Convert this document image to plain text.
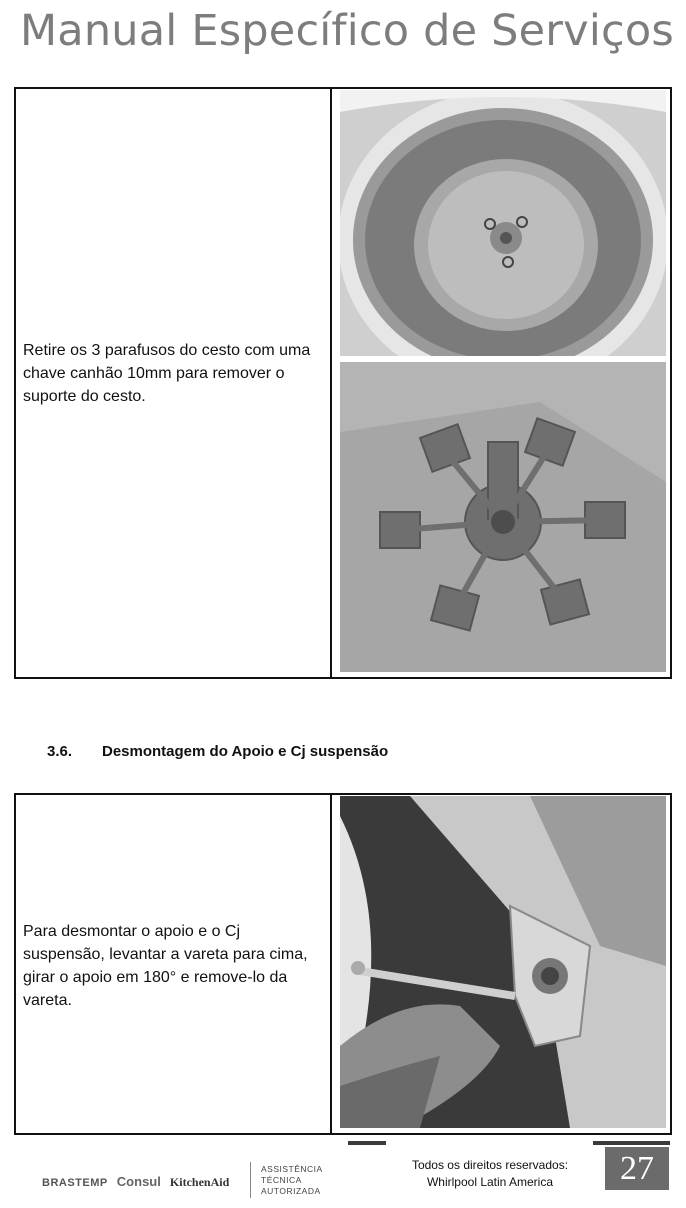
Manual Específico de Serviços
Retire os 3 parafusos do cesto com uma chave canhão 10mm para remover o suporte do cesto.
3.6. Desmontagem do Apoio e Cj suspensão
Para desmontar o apoio e o Cj suspensão, levantar a vareta para cima, girar o apoio em 180° e remove-lo da vareta.
BRASTEMP Consul KitchenAid
ASSISTÊNCIA
TÉCNICA
AUTORIZADA
Todos os direitos reservados:
Whirlpool Latin America	27
